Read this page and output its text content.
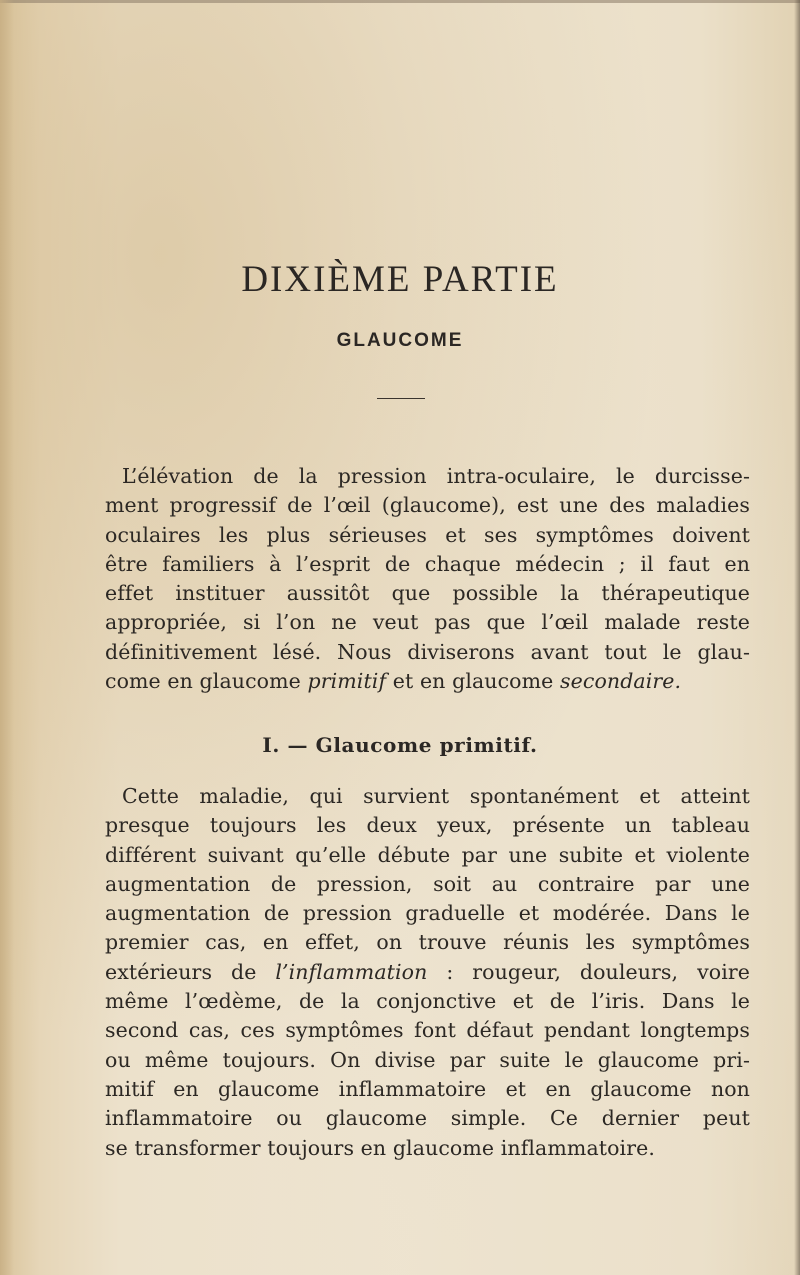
DIXIÈME PARTIE
GLAUCOME
L’élévation de la pression intra-oculaire, le durcisse-
ment progressif de l’œil (glaucome), est une des maladies
oculaires les plus sérieuses et ses symptômes doivent
être familiers à l’esprit de chaque médecin ; il faut en
effet instituer aussitôt que possible la thérapeutique
appropriée, si l’on ne veut pas que l’œil malade reste
définitivement lésé. Nous diviserons avant tout le glau-
come en glaucome primitif et en glaucome secondaire.
I. — Glaucome primitif.
Cette maladie, qui survient spontanément et atteint
presque toujours les deux yeux, présente un tableau
différent suivant qu’elle débute par une subite et violente
augmentation de pression, soit au contraire par une
augmentation de pression graduelle et modérée. Dans le
premier cas, en effet, on trouve réunis les symptômes
extérieurs de l’inflammation : rougeur, douleurs, voire
même l’œdème, de la conjonctive et de l’iris. Dans le
second cas, ces symptômes font défaut pendant longtemps
ou même toujours. On divise par suite le glaucome pri-
mitif en glaucome inflammatoire et en glaucome non
inflammatoire ou glaucome simple. Ce dernier peut
se transformer toujours en glaucome inflammatoire.
